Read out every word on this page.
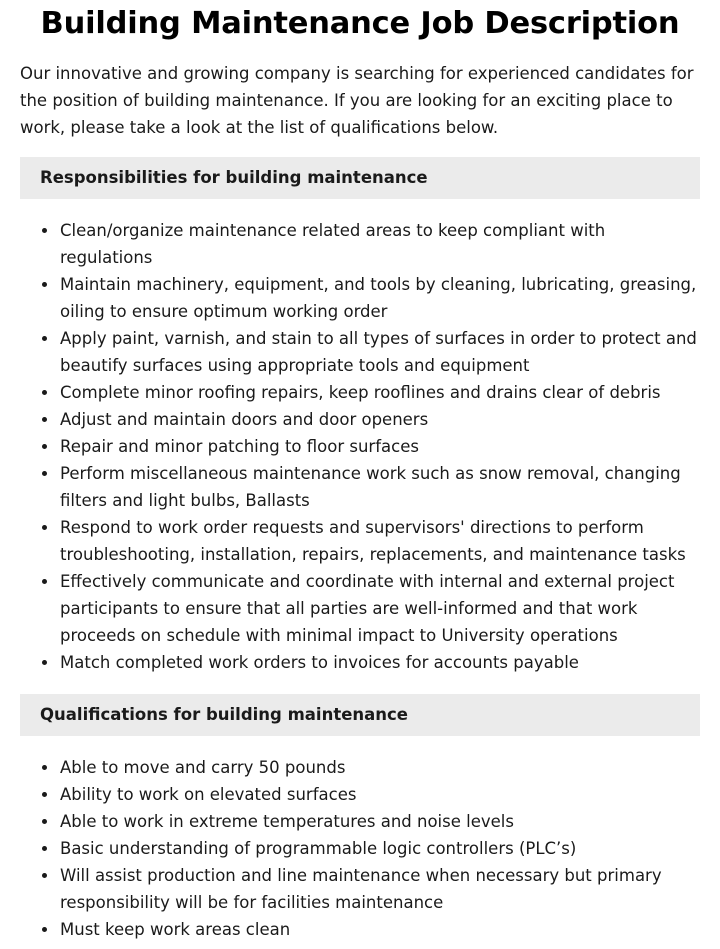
Building Maintenance Job Description

Our innovative and growing company is searching for experienced candidates for the position of building maintenance. If you are looking for an exciting place to work, please take a look at the list of qualifications below.

Responsibilities for building maintenance
Clean/organize maintenance related areas to keep compliant with regulations
Maintain machinery, equipment, and tools by cleaning, lubricating, greasing, oiling to ensure optimum working order
Apply paint, varnish, and stain to all types of surfaces in order to protect and beautify surfaces using appropriate tools and equipment
Complete minor roofing repairs, keep rooflines and drains clear of debris
Adjust and maintain doors and door openers
Repair and minor patching to floor surfaces
Perform miscellaneous maintenance work such as snow removal, changing filters and light bulbs, Ballasts
Respond to work order requests and supervisors' directions to perform troubleshooting, installation, repairs, replacements, and maintenance tasks
Effectively communicate and coordinate with internal and external project participants to ensure that all parties are well-informed and that work proceeds on schedule with minimal impact to University operations
Match completed work orders to invoices for accounts payable
Qualifications for building maintenance
Able to move and carry 50 pounds
Ability to work on elevated surfaces
Able to work in extreme temperatures and noise levels
Basic understanding of programmable logic controllers (PLC’s)
Will assist production and line maintenance when necessary but primary responsibility will be for facilities maintenance
Must keep work areas clean
